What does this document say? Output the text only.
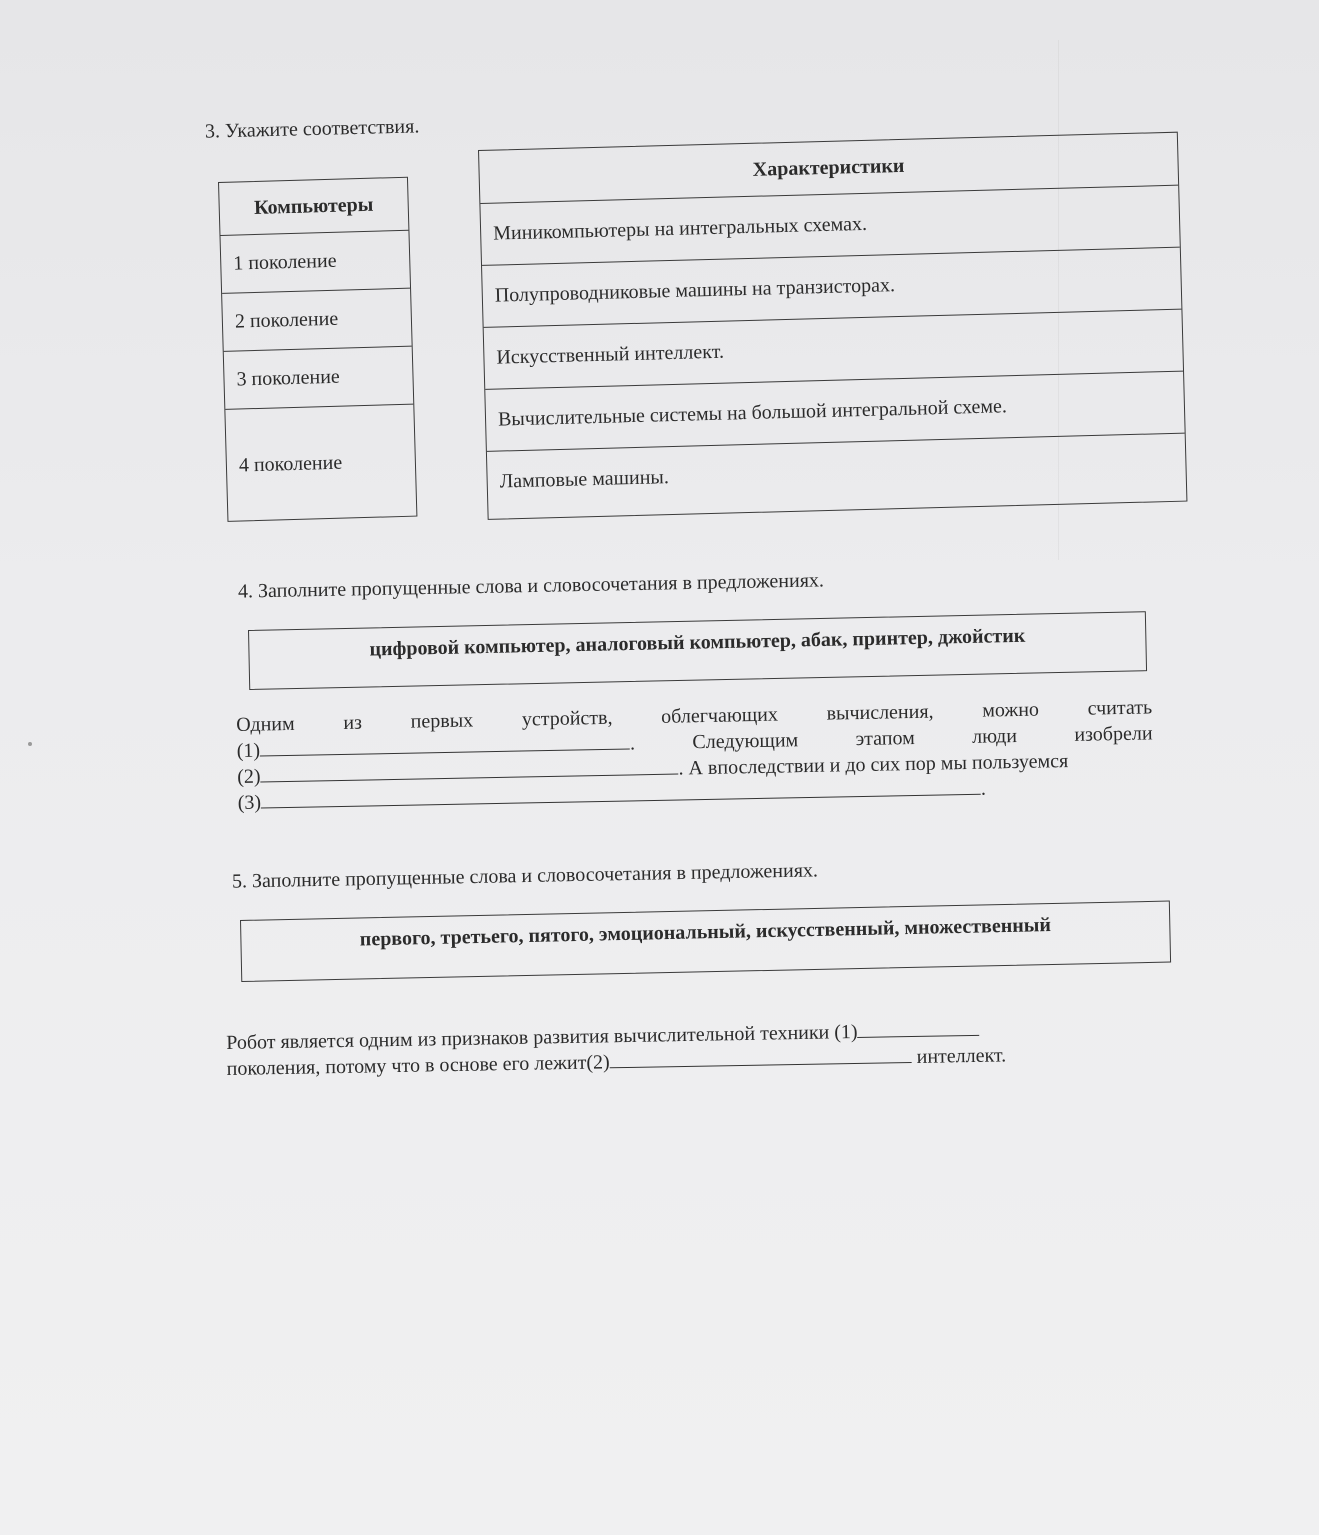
3. Укажите соответствия.
Компьютеры
1 поколение
2 поколение
3 поколение
4 поколение
Характеристики
Миникомпьютеры на интегральных схемах.
Полупроводниковые машины на транзисторах.
Искусственный интеллект.
Вычислительные системы на большой интегральной схеме.
Ламповые машины.
4. Заполните пропущенные слова и словосочетания в предложениях.
цифровой компьютер, аналоговый компьютер, абак, принтер, джойстик
Одним из первых устройств, облегчающих вычисления, можно считать
(1)	.	Следующим	этапом	люди	изобрели
(2)	. А впоследствии и до сих пор мы пользуемся
(3).
5. Заполните пропущенные слова и словосочетания в предложениях.
первого, третьего, пятого, эмоциональный, искусственный, множественный
Робот является одним из признаков развития вычислительной техники (1)
поколения, потому что в основе его лежит(2)	интеллект.
